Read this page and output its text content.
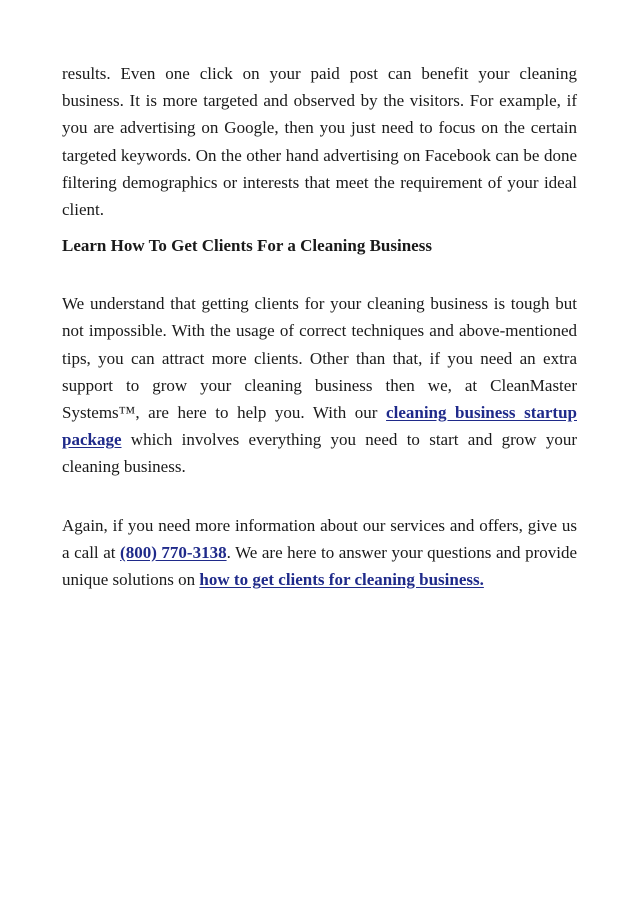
results. Even one click on your paid post can benefit your cleaning business. It is more targeted and observed by the visitors. For example, if you are advertising on Google, then you just need to focus on the certain targeted keywords. On the other hand advertising on Facebook can be done filtering demographics or interests that meet the requirement of your ideal client.

Learn How To Get Clients For a Cleaning Business

We understand that getting clients for your cleaning business is tough but not impossible. With the usage of correct techniques and above-mentioned tips, you can attract more clients. Other than that, if you need an extra support to grow your cleaning business then we, at CleanMaster Systems™, are here to help you. With our cleaning business startup package which involves everything you need to start and grow your cleaning business.

Again, if you need more information about our services and offers, give us a call at (800) 770-3138. We are here to answer your questions and provide unique solutions on how to get clients for cleaning business.
